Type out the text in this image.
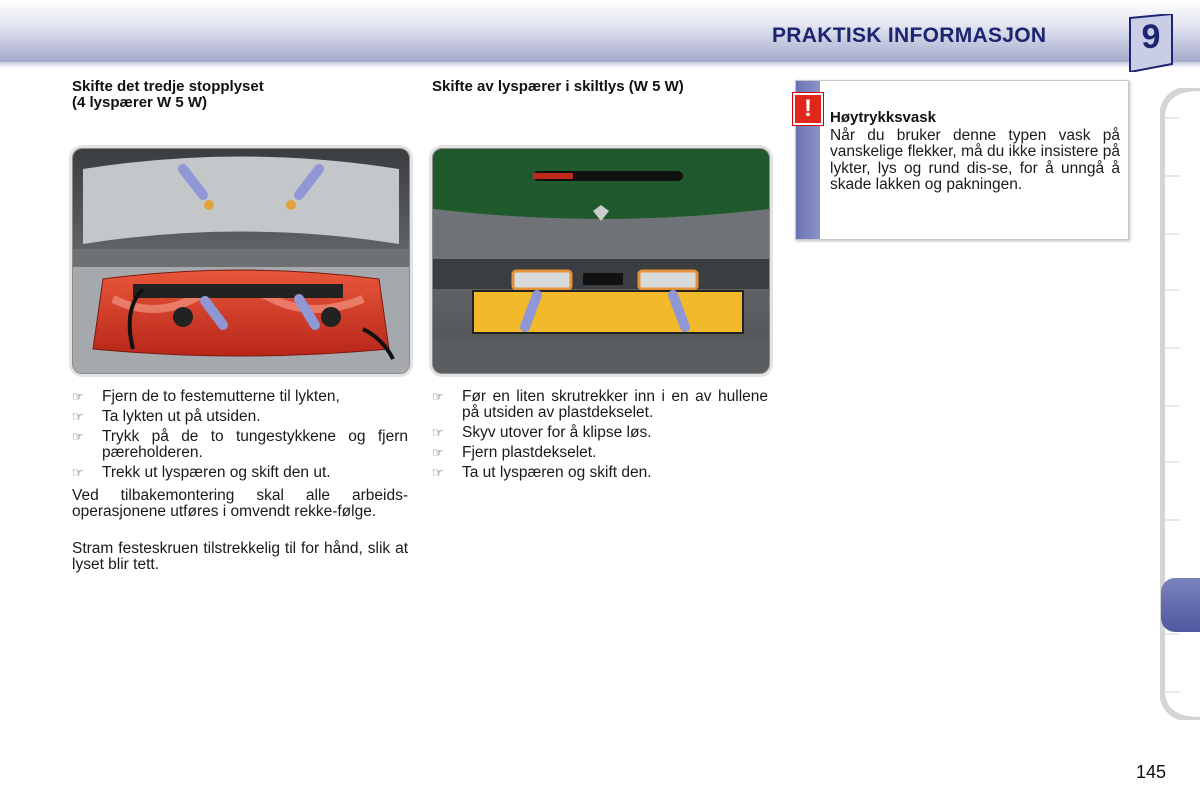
PRAKTISK INFORMASJON	9
Skifte det tredje stopplyset
(4 lyspærer W 5 W)
☞ Fjern de to festemutterne til lykten,
☞ Ta lykten ut på utsiden.
☞ Trykk på de to tungestykkene og fjern pæreholderen.
☞ Trekk ut lyspæren og skift den ut.

Ved tilbakemontering skal alle arbeids-operasjonene utføres i omvendt rekke-følge.

Stram festeskruen tilstrekkelig til for hånd, slik at lyset blir tett.

Skifte av lyspærer i skiltlys (W 5 W)
☞ Før en liten skrutrekker inn i en av hullene på utsiden av plastdekselet.
☞ Skyv utover for å klipse løs.
☞ Fjern plastdekselet.
☞ Ta ut lyspæren og skift den.
!	Høytrykksvask

Når du bruker denne typen vask på vanskelige flekker, må du ikke insistere på lykter, lys og rund dis-se, for å unngå å skade lakken og pakningen.

145
